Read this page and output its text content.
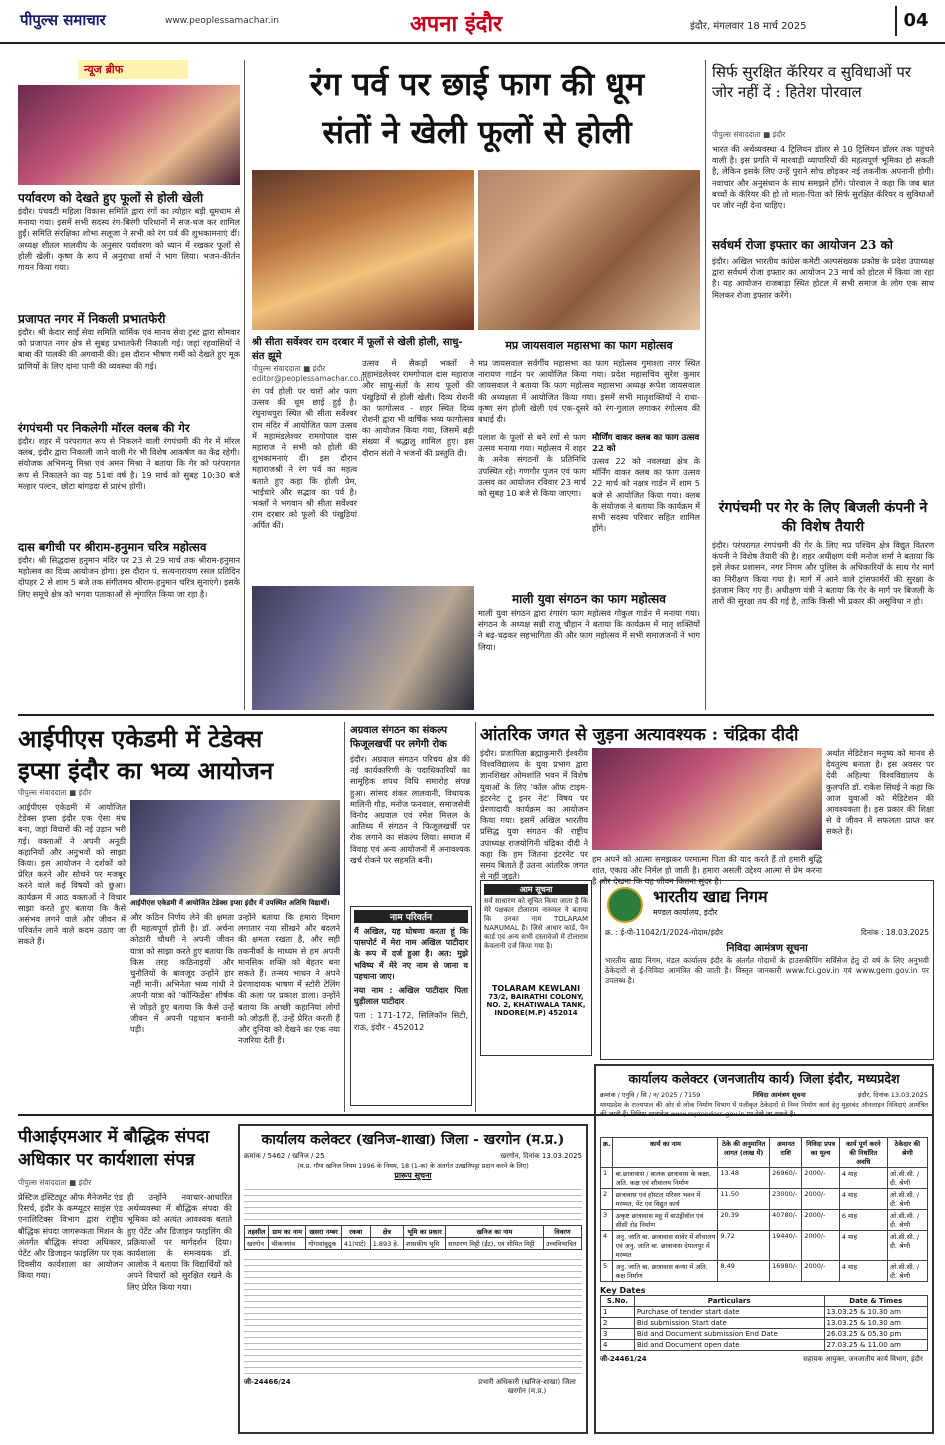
पीपुल्स समाचार	www.peoplessamachar.in	अपना इंदौर	इंदौर, मंगलवार 18 मार्च 2025	04
न्यूज ब्रीफ
पर्यावरण को देखते हुए फूलों से होली खेली
इंदौर। पंचवटी महिला विकास समिति द्वारा रंगों का त्योहार बड़ी धूमधाम से मनाया गया। इसमें सभी सदस्य रंग-बिरंगी परिधानों में सज-धज कर शामिल हुईं। समिति संरक्षिका शोभा सलूजा ने सभी को रंग पर्व की शुभकामनाएं दीं। अध्यक्ष शीतल मालवीय के अनुसार पर्यावरण को ध्यान में रखकर फूलों से होली खेली। कृष्ण के रूप में अनुराधा शर्मा ने भाग लिया। भजन-कीर्तन गायन किया गया।
प्रजापत नगर में निकली प्रभातफेरी
इंदौर। श्री केदार साईं सेवा समिति धार्मिक एवं मानव सेवा ट्रस्ट द्वारा सोमवार को प्रजापत नगर क्षेत्र से सुबह प्रभातफेरी निकाली गई। जहां रहवासियों ने बाबा की पालकी की अगवानी की। इस दौरान भीषण गर्मी को देखते हुए मूक प्राणियों के लिए दाना पानी की व्यवस्था की गई।
रंगपंचमी पर निकलेगी मॉरल क्लब की गेर
इंदौर। शहर में परंपरागत रूप से निकलने वाली रंगपंचमी की गेर में मॉरल क्लब, इंदौर द्वारा निकाली जाने वाली गेर भी विशेष आकर्षण का केंद्र रहेगी। संयोजक अभिमन्यु मिश्रा एवं अमन मिश्रा ने बताया कि गेर को परंपरागत रूप से निकालने का यह 51वां वर्ष है। 19 मार्च को सुबह 10:30 बजे मल्हार पल्टन, छोटा बांगड़दा से प्रारंभ होगी।
दास बगीची पर श्रीराम-हनुमान चरित्र महोत्सव
इंदौर। श्री सिद्धदास हनुमान मंदिर पर 23 से 29 मार्च तक श्रीराम-हनुमान महोत्सव का दिव्य आयोजन होगा। इस दौरान पं. सत्यनारायण रसल प्रतिदिन दोपहर 2 से शाम 5 बजे तक संगीतमय श्रीराम-हनुमान चरित्र सुनाएंगे। इसके लिए समूचे क्षेत्र को भगवा पताकाओं से शृंगारित किया जा रहा है।
रंग पर्व पर छाई फाग की धूम
संतों ने खेली फूलों से होली
श्री सीता सर्वेश्वर राम दरबार में फूलों से खेली होली, साधु-संत झूमे
मप्र जायसवाल महासभा का फाग महोत्सव
पीपुल्स संवाददाता ■ इंदौर
editor@peoplessamachar.co.in
रंग पर्व होली पर चारों ओर फाग उत्सव की धूम छाई हुई है। रघुनाथपुरा स्थित श्री सीता सर्वेश्वर राम मंदिर में आयोजित फाग उत्सव में महामंडलेश्वर रामगोपाल दास महाराज ने सभी को होली की शुभकामनाएं दीं। इस दौरान महाराजश्री ने रंग पर्व का महत्व बताते हुए कहा कि होली प्रेम, भाईचारे और सद्भाव का पर्व है। भक्तों ने भगवान श्री सीता सर्वेश्वर राम दरबार को फूलों की पंखुड़ियां अर्पित कीं।
उत्सव में सैकड़ों भक्तों ने महामंडलेश्वर रामगोपाल दास महाराज और साधु-संतों के साथ फूलों की पंखुड़ियों से होली खेली। दिव्य रोशनी का फागोत्सव - शहर स्थित दिव्य रोशनी द्वारा भी वार्षिक भव्य फागोत्सव का आयोजन किया गया, जिसमें बड़ी संख्या में श्रद्धालु शामिल हुए। इस दौरान संतों ने भजनों की प्रस्तुति दी।
मप्र जायसवाल सर्वर्गीय महासभा का फाग महोत्सव गुमाश्ता नगर स्थित नारायण गार्डन पर आयोजित किया गया। प्रदेश महासचिव सुरेश कुमार जायसवाल ने बताया कि फाग महोत्सव महासभा अध्यक्ष रूपेश जायसवाल की अध्यक्षता में आयोजित किया गया। इसमें सभी मातृशक्तियों ने राधा-कृष्ण संग होली खेली एवं एक-दूसरे को रंग-गुलाल लगाकर रंगोत्सव की बधाई दी।
पलाश के फूलों से बने रंगों से फाग उत्सव मनाया गया। महोत्सव में शहर के अनेक संगठनों के प्रतिनिधि उपस्थित रहे। गणगौर पूजन एवं फाग उत्सव का आयोजन रविवार 23 मार्च को सुबह 10 बजे से किया जाएगा।
मौर्णिंग वाकर क्लब का फाग उत्सव 22 को
उत्सव 22 को नवलखा क्षेत्र के मॉर्निंग वाकर क्लब का फाग उत्सव 22 मार्च को नक्षत्र गार्डन में शाम 5 बजे से आयोजित किया गया। क्लब के संयोजक ने बताया कि कार्यक्रम में सभी सदस्य परिवार सहित शामिल होंगे।
माली युवा संगठन का फाग महोत्सव
माली युवा संगठन द्वारा रंगारंग फाग महोत्सव गोकुल गार्डन में मनाया गया। संगठन के अध्यक्ष सन्नी राजू चौहान ने बताया कि कार्यक्रम में मातृ शक्तियों ने बढ़-चढ़कर सहभागिता की और फाग महोत्सव में सभी समाजजनों ने भाग लिया।
सिर्फ सुरक्षित कॅरियर व सुविधाओं पर जोर नहीं दें : हितेश पोरवाल
पीपुल्स संवाददाता ■ इंदौर
भारत की अर्थव्यवस्था 4 ट्रिलियन डॉलर से 10 ट्रिलियन डॉलर तक पहुंचने वाली है। इस प्रगति में मारवाड़ी व्यापारियों की महत्वपूर्ण भूमिका हो सकती है, लेकिन इसके लिए उन्हें पुराने सोच छोड़कर नई तकनीक अपनानी होगी। नवाचार और अनुसंधान के साथ समझने होंगे। पोरवाल ने कहा कि जब बात बच्चों के कॅरियर की हो तो माता-पिता को सिर्फ सुरक्षित कॅरियर व सुविधाओं पर जोर नहीं देना चाहिए।
सर्वधर्म रोजा इफ्तार का आयोजन 23 को
इंदौर। अखिल भारतीय कांग्रेस कमेटी अल्पसंख्यक प्रकोष्ठ के प्रदेश उपाध्यक्ष द्वारा सर्वधर्म रोजा इफ्तार का आयोजन 23 मार्च को होटल में किया जा रहा है। यह आयोजन राजबाड़ा स्थित होटल में सभी समाज के लोग एक साथ मिलकर रोजा इफ्तार करेंगे।
रंगपंचमी पर गेर के लिए बिजली कंपनी ने की विशेष तैयारी
इंदौर। परंपरागत रंगपंचमी की गेर के लिए मप्र पश्चिम क्षेत्र विद्युत वितरण कंपनी ने विशेष तैयारी की है। शहर अधीक्षण यंत्री मनोज शर्मा ने बताया कि इसे लेकर प्रशासन, नगर निगम और पुलिस के अधिकारियों के साथ गेर मार्ग का निरीक्षण किया गया है। मार्ग में आने वाले ट्रांसफार्मरों की सुरक्षा के इंतजाम किए गए हैं। अधीक्षण यंत्री ने बताया कि गेर के मार्ग पर बिजली के तारों की सुरक्षा तय की गई है, ताकि किसी भी प्रकार की असुविधा न हो।
आईपीएस एकेडमी में टेडेक्स
इप्सा इंदौर का भव्य आयोजन
पीपुल्स संवाददाता ■ इंदौर
आईपीएस एकेडमी में आयोजित टेडेक्स इप्सा इंदौर एक ऐसा मंच बना, जहां विचारों की नई उड़ान भरी गई। वक्ताओं ने अपनी अनूठी कहानियों और अनुभवों को साझा किया। इस आयोजन ने दर्शकों को प्रेरित करने और सोचने पर मजबूर करने वाले कई विषयों को छुआ। कार्यक्रम में आठ वक्ताओं ने विचार साझा करते हुए बताया कि कैसे असंभव लगने वाले और जीवन में परिवर्तन लाने वाले कदम उठाए जा सकते हैं।
आईपीएस एकेडमी में आयोजित टेडेक्स इप्सा इंदौर में उपस्थित अतिथि विद्यार्थी।
और कठिन निर्णय लेने की क्षमता ही महत्वपूर्ण होती है। डॉ. अर्चना कोठारी चौधरी ने अपनी जीवन यात्रा को साझा करते हुए बताया कि किस तरह कठिनाइयों और चुनौतियों के बावजूद उन्होंने हार नहीं मानी। अभिनेता भव्य गांधी ने अपनी यात्रा को 'कॉन्फिडेंस' शीर्षक से जोड़ते हुए बताया कि कैसे उन्हें जीवन में अपनी पहचान बनानी पड़ी।
उन्होंने बताया कि हमारा दिमाग लगातार नया सीखने और बदलने की क्षमता रखता है, और सही तकनीकों के माध्यम से हम अपनी मानसिक शक्ति को बेहतर बना सकते हैं। तन्मय भाधन ने अपने प्रेरणादायक भाषण में स्टोरी टेलिंग की कला पर प्रकाश डाला। उन्होंने बताया कि अच्छी कहानियां लोगों को जोड़ती हैं, उन्हें प्रेरित करती हैं और दुनिया को देखने का एक नया नजरिया देती हैं।
अग्रवाल संगठन का संकल्प फिजूलखर्ची पर लगेगी रोक
इंदौर। अग्रवाल संगठन परिचय क्षेत्र की नई कार्यकारिणी के पदाधिकारियों का सामूहिक शपथ विधि समारोह संपन्न हुआ। सांसद शंकर लालवानी, विधायक मालिनी गौड़, मनोज फनवाल, समाजसेवी विनोद अग्रवाल एवं रमेश मित्तल के आतिथ्य में संगठन ने फिजूलखर्ची पर रोक लगाने का संकल्प लिया। समाज में विवाह एवं अन्य आयोजनों में अनावश्यक खर्च रोकने पर सहमति बनी।
नाम परिवर्तन
मैं अखिल, यह घोषणा करता हूं कि पासपोर्ट में मेरा नाम अखिल पाटीदार के रूप में दर्ज हुआ है। अत: मुझे भविष्य में मेरे नए नाम से जाना व पहचाना जाए।
नया नाम : अखिल पाटीदार पिता घुड़ीलाल पाटीदार
पता : 171-172, सिलिकॉन सिटी, राऊ, इंदौर - 452012
आंतरिक जगत से जुड़ना अत्यावश्यक : चंद्रिका दीदी
इंदौर। प्रजापिता ब्रह्माकुमारी ईश्वरीय विश्वविद्यालय के युवा प्रभाग द्वारा ज्ञानशिखर ओमशांति भवन में विशेष युवाओं के लिए 'कॉल ऑफ टाइम-इंटरनेट टू इनर नेट' विषय पर प्रेरणादायी कार्यक्रम का आयोजन किया गया। इसमें अखिल भारतीय प्रसिद्ध युवा संगठन की राष्ट्रीय उपाध्यक्ष राजयोगिनी चंद्रिका दीदी ने कहा कि हम जितना इंटरनेट पर समय बिताते हैं उतना आंतरिक जगत से नहीं जुड़ते।
हम अपने को आत्मा समझकर परमात्मा पिता की याद करते हैं तो हमारी बुद्धि शांत, एकाग्र और निर्मल हो जाती है। हमारा असली उद्देश्य आत्मा से प्रेम करना है और देखना कि यह जीवन कितना सुंदर है।
अर्थात मेडिटेशन मनुष्य को मानव से देवतुल्य बनाता है। इस अवसर पर देवी अहिल्या विश्वविद्यालय के कुलपति डॉ. राकेश सिंघई ने कहा कि आज युवाओं को मेडिटेशन की आवश्यकता है। इस प्रकार की शिक्षा से वे जीवन में सफलता प्राप्त कर सकते हैं।
आम सूचना
सर्व साधारण को सूचित किया जाता है कि मेरे पक्षकार टोलाराम नारुमल ने बताया कि उनका नाम TOLARAM NARUMAL है। जिसे आधार कार्ड, पैन कार्ड एवं अन्य सभी दस्तावेजों में टोलाराम केवलानी दर्ज किया गया है।
TOLARAM KEWLANI
73/2, BAIRATHI COLONY, NO. 2, KHATIWALA TANK, INDORE(M.P) 452014
भारतीय खाद्य निगम
मण्डल कार्यालय, इंदौर
क्र. : ई-पी-11042/1/2024-गोदाम/इंदौर	दिनांक : 18.03.2025
निविदा आमंत्रण सूचना
भारतीय खाद्य निगम, मंडल कार्यालय इंदौर के अंतर्गत गोदामों के हाउसकीपिंग सर्विसेज हेतु दो वर्ष के लिए अनुभवी ठेकेदारों से ई-निविदा आमंत्रित की जाती है। विस्तृत जानकारी www.fci.gov.in एवं www.gem.gov.in पर उपलब्ध है।
पीआईएमआर में बौद्धिक संपदा अधिकार पर कार्यशाला संपन्न
पीपुल्स संवाददाता ■ इंदौर
प्रेस्टिज इंस्टिट्यूट ऑफ मैनेजमेंट एंड रिसर्च, इंदौर के कम्प्यूटर साइंस एंड एनालिटिक्स विभाग द्वारा राष्ट्रीय बौद्धिक संपदा जागरूकता मिशन के अंतर्गत बौद्धिक संपदा अधिकार, पेटेंट और डिजाइन फाइलिंग पर एक दिवसीय कार्यशाला का आयोजन किया गया।
ही उन्होंने नवाचार-आधारित अर्थव्यवस्था में बौद्धिक संपदा की भूमिका को अत्यंत आवश्यक बताते हुए पेटेंट और डिजाइन फाइलिंग की प्रक्रियाओं पर मार्गदर्शन दिया। कार्यशाला के समन्वयक डॉ. आलोक ने बताया कि विद्यार्थियों को अपने विचारों को सुरक्षित रखने के लिए प्रेरित किया गया।
कार्यालय कलेक्टर (खनिज-शाखा) जिला - खरगोन (म.प्र.)
क्रमांक / 5462 / खनिज / 25	खरगोन, दिनांक 13.03.2025
(म.प्र. गौण खनिज नियम 1996 के नियम, 18 (1-क) के अंतर्गत उत्खनिपट्टा प्रदान करने के लिए)
प्रारूप सूचना
तहसील	ग्राम का नाम	खसरा नम्बर	रकबा	क्षेत्र	भूमि का प्रकार	खनिज का नाम	विवरण
खरगोन	भीकनगांव	गोगावांबुद्रुक	41(पार्ट)	1.893 हे.	शासकीय भूमि	साधारण मिट्टी (ईंट), एवं सीमित मिट्टी	उच्चविभावित
जी-24466/24	प्रभारी अधिकारी (खनिज-शाखा) जिला खरगोन (म.प्र.)
कार्यालय कलेक्टर (जनजातीय कार्य) जिला इंदौर, मध्यप्रदेश
क्रमांक / एनुवि / सि / न/ 2025 / 7159	निविदा आमंत्रण सूचना	इंदौर, दिनांक 13.03.2025
मध्यप्रदेश के राज्यपाल की ओर से लोक निर्माण विभाग में पंजीकृत ठेकेदारों से निम्न निर्माण कार्य हेतु मुहरबंद ऑनलाइन निविदाएं आमंत्रित की जाती हैं। निविदा दस्तावेज www.mptenders.gov.in पर देखे जा सकते हैं।
क्र.	कार्य का नाम	ठेके की अनुमानित लागत (लाख में)	अमानत राशि	निविदा प्रपत्र का मूल्य	कार्य पूर्ण करने की निर्धारित अवधि	ठेकेदार की श्रेणी
1	बा.छात्रावास / बालक छात्रावास के कक्षा, अति. कक्ष एवं शौचालय निर्माण	13.48	26960/-	2000/-	4 माह	ओ.सी.सी. / दी. श्रेणी
2	छात्रावास एवं हॉस्टल परिसर भवन में मरम्मत, पेंट एवं विद्युत कार्य	11.50	23000/-	2000/-	4 माह	ओ.सी.सी. / दी. श्रेणी
3	उत्कृष्ट छात्रावास महू में बाउंड्रीवॉल एवं सीसी रोड निर्माण	20.39	40780/-	2000/-	6 माह	ओ.सी.सी. / दी. श्रेणी
4	अनु. जाति बा. छात्रावास सांवेर में शौचालय एवं अनु. जाति बा. छात्रावास देपालपुर में मरम्मत	9.72	19440/-	2000/-	4 माह	ओ.सी.सी. / दी. श्रेणी
5	अनु. जाति बा. छात्रावास कन्या में अति. कक्ष निर्माण	8.49	16980/-	2000/-	4 माह	ओ.सी.सी. / दी. श्रेणी
Key Dates
S.No.	Particulars	Date & Times
1	Purchase of tender start date	13.03.25 & 10.30 am
2	Bid submission Start date	13.03.25 & 10.30 am
3	Bid and Document submission End Date	26.03.25 & 05.30 pm
4	Bid and Document open date	27.03.25 & 11.00 am
जी-24461/24	सहायक आयुक्त, जनजातीय कार्य विभाग, इंदौर
